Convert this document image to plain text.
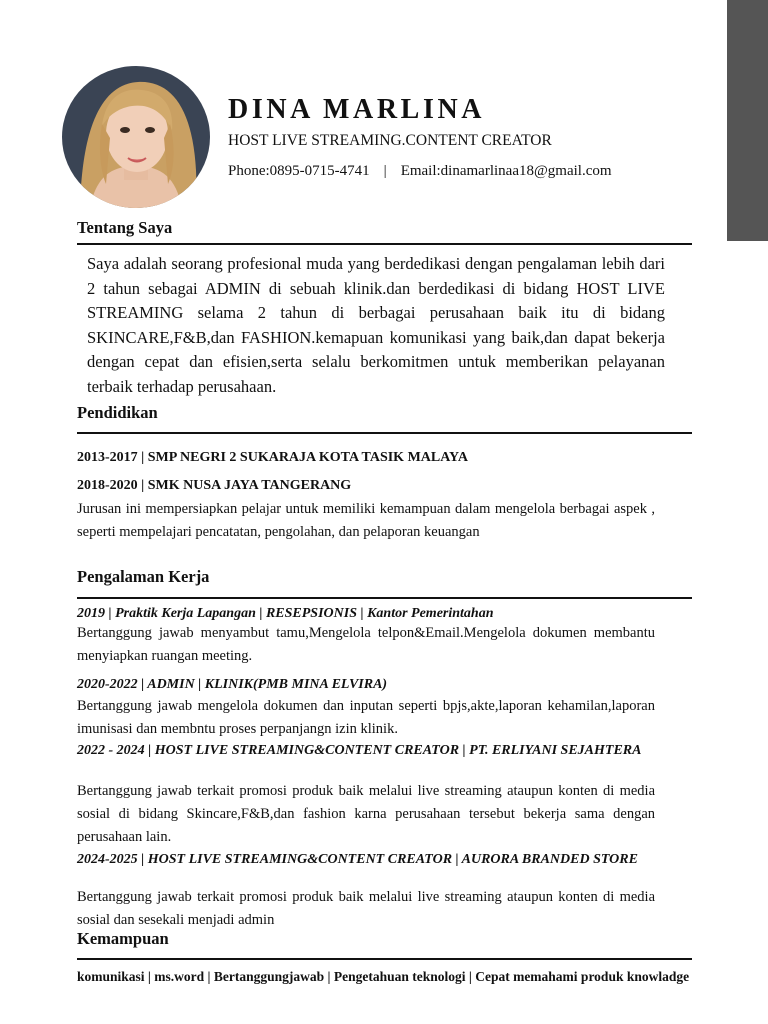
DINA MARLINA
HOST LIVE STREAMING.CONTENT CREATOR
Phone:0895-0715-4741 | Email:dinamarlinaa18@gmail.com
Tentang Saya

Saya adalah seorang profesional muda yang berdedikasi dengan pengalaman lebih dari 2 tahun sebagai ADMIN di sebuah klinik.dan berdedikasi di bidang HOST LIVE STREAMING selama 2 tahun di berbagai perusahaan baik itu di bidang SKINCARE,F&B,dan FASHION.kemapuan komunikasi yang baik,dan dapat bekerja dengan cepat dan efisien,serta selalu berkomitmen untuk memberikan pelayanan terbaik terhadap perusahaan.

Pendidikan
2013-2017 | SMP NEGRI 2 SUKARAJA KOTA TASIK MALAYA
2018-2020 | SMK NUSA JAYA TANGERANG

Jurusan ini mempersiapkan pelajar untuk memiliki kemampuan dalam mengelola berbagai aspek , seperti mempelajari pencatatan, pengolahan, dan pelaporan keuangan

Pengalaman Kerja
2019 | Praktik Kerja Lapangan | RESEPSIONIS | Kantor Pemerintahan

Bertanggung jawab menyambut tamu,Mengelola telpon&Email.Mengelola dokumen membantu menyiapkan ruangan meeting.

2020-2022 | ADMIN | KLINIK(PMB MINA ELVIRA)

Bertanggung jawab mengelola dokumen dan inputan seperti bpjs,akte,laporan kehamilan,laporan imunisasi dan membntu proses perpanjangn izin klinik.

2022 - 2024 | HOST LIVE STREAMING&CONTENT CREATOR | PT. ERLIYANI SEJAHTERA

Bertanggung jawab terkait promosi produk baik melalui live streaming ataupun konten di media sosial di bidang Skincare,F&B,dan fashion karna perusahaan tersebut bekerja sama dengan perusahaan lain.

2024-2025 | HOST LIVE STREAMING&CONTENT CREATOR | AURORA BRANDED STORE

Bertanggung jawab terkait promosi produk baik melalui live streaming ataupun konten di media sosial dan sesekali menjadi admin

Kemampuan

komunikasi | ms.word | Bertanggungjawab | Pengetahuan teknologi | Cepat memahami produk knowladge
